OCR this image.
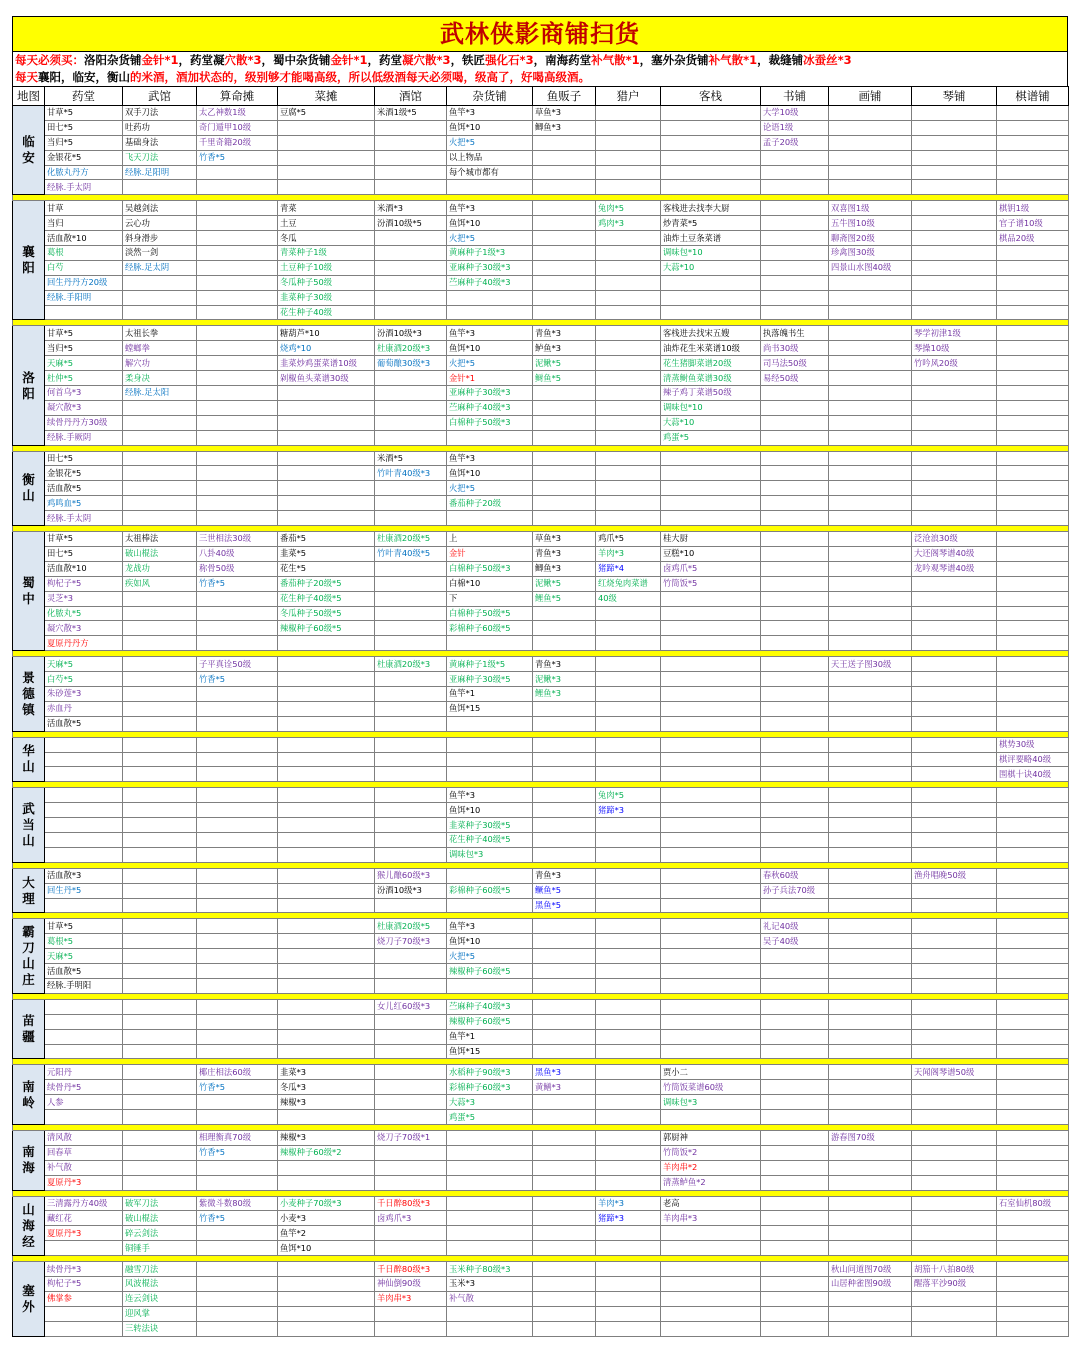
武林侠影商铺扫货
每天必须买：洛阳杂货铺金针*1，药堂凝穴散*3，蜀中杂货铺金针*1，药堂凝穴散*3，铁匠强化石*3，南海药堂补气散*1，塞外杂货铺补气散*1，裁缝铺冰蚕丝*3
每天襄阳，临安，衡山的米酒，酒加状态的，级别够才能喝高级，所以低级酒每天必须喝，级高了，好喝高级酒。
地图	药堂	武馆	算命摊	菜摊	酒馆	杂货铺	鱼贩子	猎户	客栈	书铺	画铺	琴铺	棋谱铺
临安	甘草*5	双手刀法	太乙神数1级	豆腐*5	米酒1级*5	鱼竿*3	草鱼*3			大学10级			
	田七*5	吐药功	奇门遁甲10级			鱼饵*10	鲫鱼*3			论语1级			
	当归*5	基础身法	千里奇籍20级			火把*5				孟子20级			
	金银花*5	飞天刀法	竹香*5			以上物品							
	化脓丸丹方	经脉.足阳明				每个城市都有							
	经脉.手太阴												

襄阳	甘草	吴越剑法		青菜	米酒*3	鱼竿*3		兔肉*5	客栈进去找李大厨		双喜图1级		棋钥1级
	当归	云心功		土豆	汾酒10级*5	鱼饵*10		鸡肉*3	炒青菜*5		五牛图10级		官子谱10级
	活血散*10	斜身滑步		冬瓜		火把*5			油炸土豆条菜谱		聊斋图20级		棋品20级
	葛根	淡然一剑		青菜种子1级		黄麻种子1级*3			调味包*10		珍禽图30级		
	白芍	经脉.足太阴		土豆种子10级		亚麻种子30级*3			大蒜*10		四景山水图40级		
	回生丹丹方20级			冬瓜种子50级		苎麻种子40级*3							
	经脉.手阳明			韭菜种子30级									
				花生种子40级									

洛阳	甘草*5	太祖长拳		糖葫芦*10	汾酒10级*3	鱼竿*3	青鱼*3		客栈进去找宋五嫂	执落魄书生		琴学初津1级	
	当归*5	螳螂拳		烧鸡*10	杜康酒20级*3	鱼饵*10	鲈鱼*3		油炸花生米菜谱10级	尚书30级		琴操10级	
	天麻*5	解穴功		韭菜炒鸡蛋菜谱10级	葡萄酿30级*3	火把*5	泥鳅*5		花生猪脚菜谱20级	司马法50级		竹吟风20级	
	杜仲*5	柔身决		剁椒鱼头菜谱30级		金针*1	鲥鱼*5		清蒸鲥鱼菜谱30级	易经50级			
	何首乌*3	经脉.足太阳				亚麻种子30级*3			辣子鸡丁菜谱50级				
	凝穴散*3					苎麻种子40级*3			调味包*10				
	续骨丹丹方30级					白棉种子50级*3			大蒜*10				
	经脉.手厥阴								鸡蛋*5				

衡山	田七*5				米酒*5	鱼竿*3							
	金银花*5				竹叶青40级*3	鱼饵*10							
	活血散*5					火把*5							
	鸡鸣血*5					番茄种子20级							
	经脉.手太阴												

蜀中	甘草*5	太祖棒法	三世相法30级	番茄*5	杜康酒20级*5	上	草鱼*3	鸡爪*5	桂大厨			泛沧浪30级	
	田七*5	破山棍法	八卦40级	韭菜*5	竹叶青40级*5	金针	青鱼*3	羊肉*3	豆糕*10			大还阁琴谱40级	
	活血散*10	龙战功	称骨50级	花生*5		白棉种子50级*3	鲫鱼*3	猪蹄*4	卤鸡爪*5			龙吟观琴谱40级	
	枸杞子*5	疾如风	竹香*5	番茄种子20级*5		白棉*10	泥鳅*5	红烧兔肉菜谱	竹筒饭*5				
	灵芝*3			花生种子40级*5		下	鲤鱼*5	40级					
	化脓丸*5			冬瓜种子50级*5		白棉种子50级*5							
	凝穴散*3			辣椒种子60级*5		彩棉种子60级*5							
	夏原丹丹方												

景德镇	天麻*5		子平真诠50级		杜康酒20级*3	黄麻种子1级*5	青鱼*3				天王送子图30级		
	白芍*5		竹香*5			亚麻种子30级*5	泥鳅*3						
	朱砂莲*3					鱼竿*1	鲤鱼*3						
	赤血丹					鱼饵*15							
	活血散*5												

华山													棋势30级
													棋评要略40级
													围棋十诀40级

武当山						鱼竿*3		兔肉*5					
						鱼饵*10		猪蹄*3					
						韭菜种子30级*5							
						花生种子40级*5							
						调味包*3							

大理	活血散*3				猴儿酿60级*3		青鱼*3			春秋60级		渔舟唱晚50级	
	回生丹*5				汾酒10级*3	彩棉种子60级*5	鳜鱼*5			孙子兵法70级			
							黑鱼*5						

霸刀山庄	甘草*5				杜康酒20级*5	鱼竿*3				礼记40级			
	葛根*5				烧刀子70级*3	鱼饵*10				吴子40级			
	天麻*5					火把*5							
	活血散*5					辣椒种子60级*5							
	经脉.手明阳												

苗疆					女儿红60级*3	苎麻种子40级*3							
						辣椒种子60级*5							
						鱼竿*1							
						鱼饵*15							

南岭	元阳丹		椰庄相法60级	韭菜*3		水稻种子90级*3	黑鱼*3		贾小二			天闻阁琴谱50级	
	续骨丹*5		竹香*5	冬瓜*3		彩棉种子60级*3	黄鳝*3		竹筒饭菜谱60级				
	人参			辣椒*3		大蒜*3			调味包*3				
						鸡蛋*5							

南海	清风散		相理衡真70级	辣椒*3	烧刀子70级*1				郭厨神		游春图70级		
	回春草		竹香*5	辣椒种子60级*2					竹筒饭*2				
	补气散								羊肉串*2				
	夏原丹*3								清蒸鲈鱼*2				

山海经	三清露丹方40级	破军刀法	紫微斗数80级	小麦种子70级*3	千日醉80级*3			羊肉*3	老高				石室仙机80级
	藏红花	破山棍法	竹香*5	小麦*3	卤鸡爪*3			猪蹄*3	羊肉串*3				
	夏原丹*3	碎云剑法		鱼竿*2									
		铜锤手		鱼饵*10									

塞外	续骨丹*3	融雪刀法			千日醉80级*3	玉米种子80级*3					秋山问道图70级	胡笳十八拍80级	
	枸杞子*5	风波棍法			神仙倒90级	玉米*3					山居种雀图90级	醒落平沙90级	
	佛掌参	连云剑诀			羊肉串*3	补气散							
		迎风掌											
		三转法诀											
